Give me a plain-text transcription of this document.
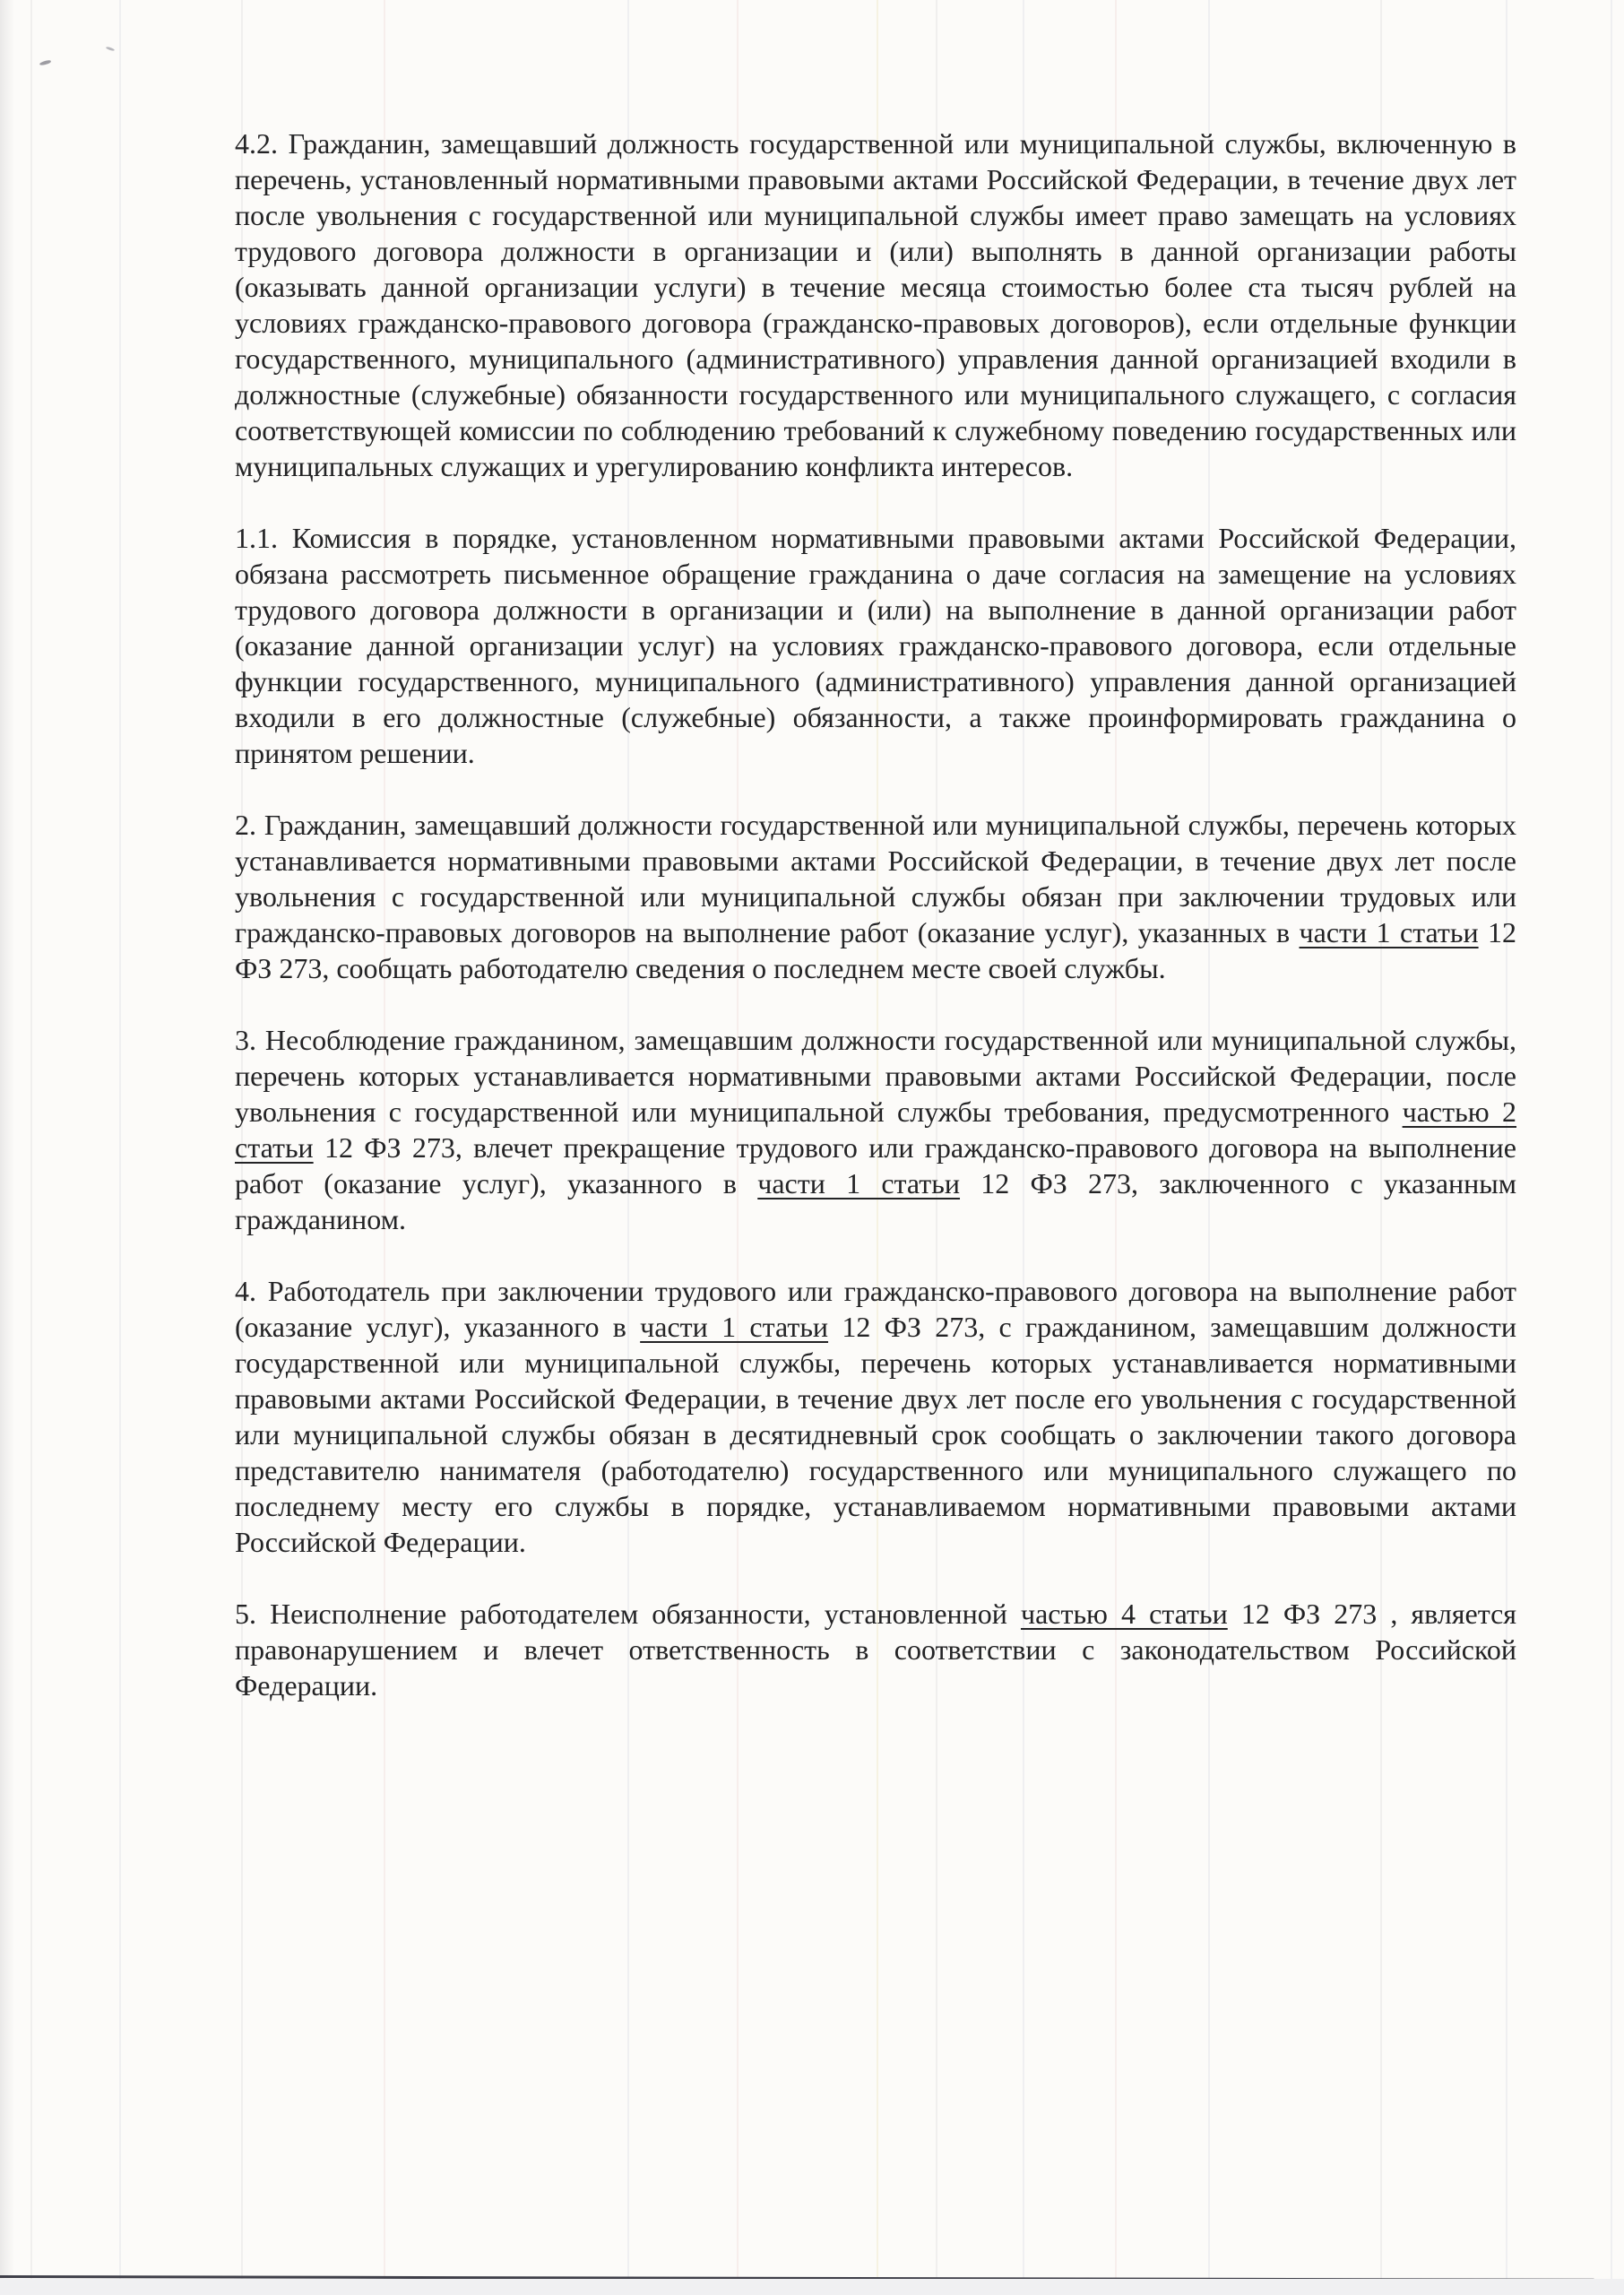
4.2. Гражданин, замещавший должность государственной или муниципальной службы, включенную в перечень, установленный нормативными правовыми актами Российской Федерации, в течение двух лет после увольнения с государственной или муниципальной службы имеет право замещать на условиях трудового договора должности в организации и (или) выполнять в данной организации работы (оказывать данной организации услуги) в течение месяца стоимостью более ста тысяч рублей на условиях гражданско-правового договора (гражданско-правовых договоров), если отдельные функции государственного, муниципального (административного) управления данной организацией входили в должностные (служебные) обязанности государственного или муниципального служащего, с согласия соответствующей комиссии по соблюдению требований к служебному поведению государственных или муниципальных служащих и урегулированию конфликта интересов.

1.1. Комиссия в порядке, установленном нормативными правовыми актами Российской Федерации, обязана рассмотреть письменное обращение гражданина о даче согласия на замещение на условиях трудового договора должности в организации и (или) на выполнение в данной организации работ (оказание данной организации услуг) на условиях гражданско-правового договора, если отдельные функции государственного, муниципального (административного) управления данной организацией входили в его должностные (служебные) обязанности, а также проинформировать гражданина о принятом решении.

2. Гражданин, замещавший должности государственной или муниципальной службы, перечень которых устанавливается нормативными правовыми актами Российской Федерации, в течение двух лет после увольнения с государственной или муниципальной службы обязан при заключении трудовых или гражданско-правовых договоров на выполнение работ (оказание услуг), указанных в части 1 статьи 12 ФЗ 273, сообщать работодателю сведения о последнем месте своей службы.

3. Несоблюдение гражданином, замещавшим должности государственной или муниципальной службы, перечень которых устанавливается нормативными правовыми актами Российской Федерации, после увольнения с государственной или муниципальной службы требования, предусмотренного частью 2 статьи 12 ФЗ 273, влечет прекращение трудового или гражданско-правового договора на выполнение работ (оказание услуг), указанного в части 1 статьи 12 ФЗ 273, заключенного с указанным гражданином.

4. Работодатель при заключении трудового или гражданско-правового договора на выполнение работ (оказание услуг), указанного в части 1 статьи 12 ФЗ 273, с гражданином, замещавшим должности государственной или муниципальной службы, перечень которых устанавливается нормативными правовыми актами Российской Федерации, в течение двух лет после его увольнения с государственной или муниципальной службы обязан в десятидневный срок сообщать о заключении такого договора представителю нанимателя (работодателю) государственного или муниципального служащего по последнему месту его службы в порядке, устанавливаемом нормативными правовыми актами Российской Федерации.

5. Неисполнение работодателем обязанности, установленной частью 4 статьи 12 ФЗ 273 , является правонарушением и влечет ответственность в соответствии с законодательством Российской Федерации.
